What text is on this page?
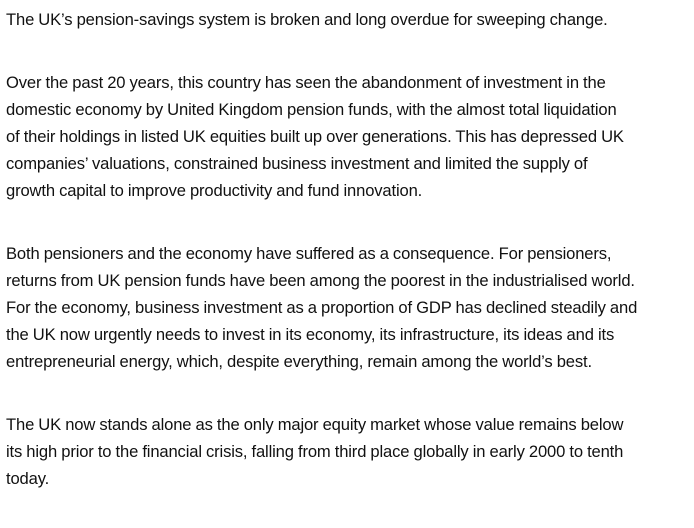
The UK’s pension-savings system is broken and long overdue for sweeping change.

Over the past 20 years, this country has seen the abandonment of investment in the
domestic economy by United Kingdom pension funds, with the almost total liquidation
of their holdings in listed UK equities built up over generations. This has depressed UK
companies’ valuations, constrained business investment and limited the supply of
growth capital to improve productivity and fund innovation.

Both pensioners and the economy have suffered as a consequence. For pensioners,
returns from UK pension funds have been among the poorest in the industrialised world.
For the economy, business investment as a proportion of GDP has declined steadily and
the UK now urgently needs to invest in its economy, its infrastructure, its ideas and its
entrepreneurial energy, which, despite everything, remain among the world’s best.

The UK now stands alone as the only major equity market whose value remains below
its high prior to the financial crisis, falling from third place globally in early 2000 to tenth
today.
